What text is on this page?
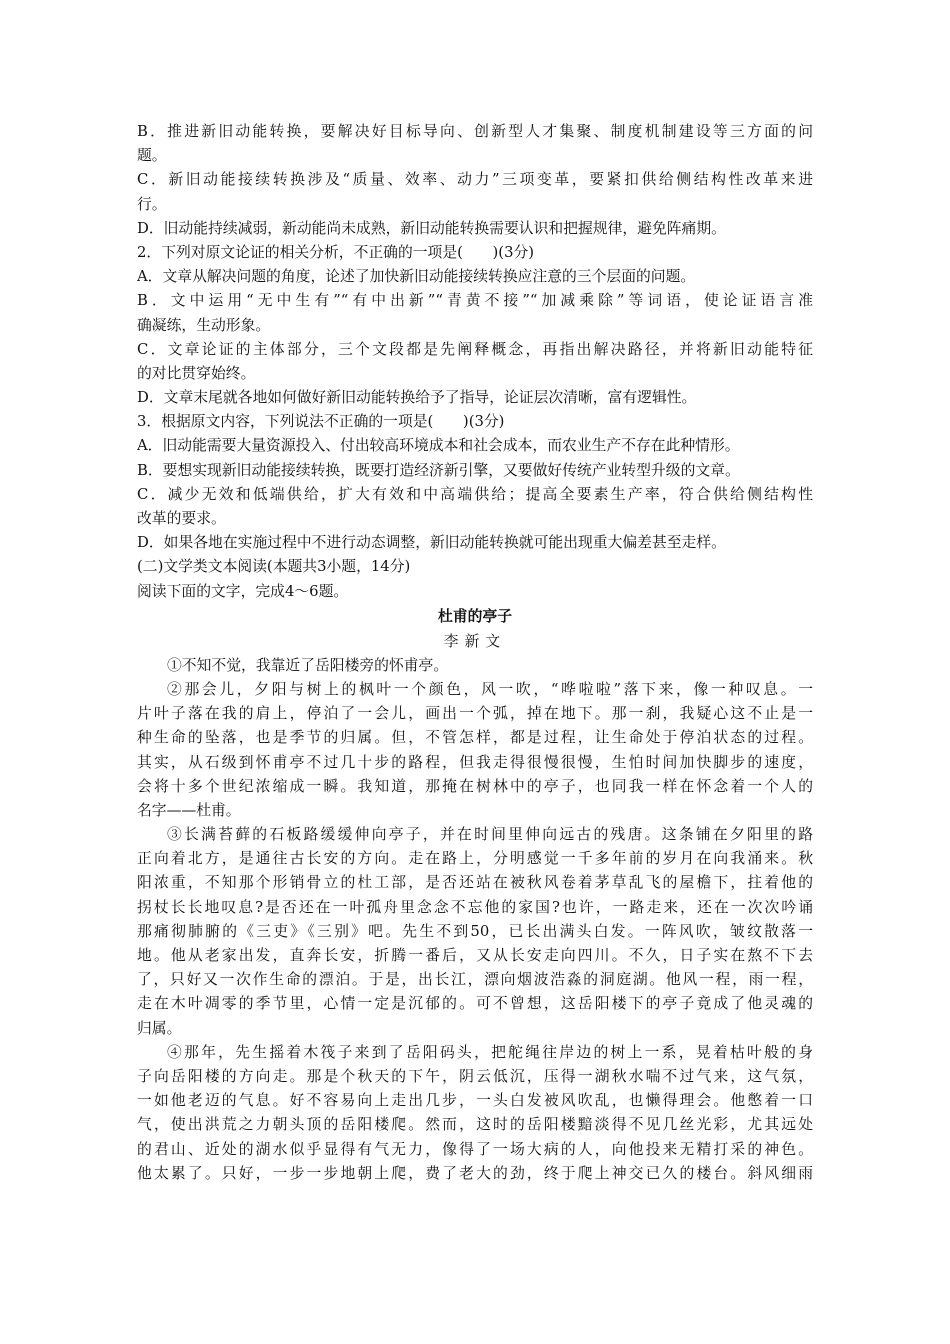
B．推进新旧动能转换，要解决好目标导向、创新型人才集聚、制度机制建设等三方面的问
题。
C．新旧动能接续转换涉及“质量、效率、动力”三项变革，要紧扣供给侧结构性改革来进
行。
D．旧动能持续减弱，新动能尚未成熟，新旧动能转换需要认识和把握规律，避免阵痛期。
2．下列对原文论证的相关分析，不正确的一项是(　　)(3分)
A．文章从解决问题的角度，论述了加快新旧动能接续转换应注意的三个层面的问题。
B．文中运用“无中生有”“有中出新”“青黄不接”“加减乘除”等词语，使论证语言准
确凝练，生动形象。
C．文章论证的主体部分，三个文段都是先阐释概念，再指出解决路径，并将新旧动能特征
的对比贯穿始终。
D．文章末尾就各地如何做好新旧动能转换给予了指导，论证层次清晰，富有逻辑性。
3．根据原文内容，下列说法不正确的一项是(　　)(3分)
A．旧动能需要大量资源投入、付出较高环境成本和社会成本，而农业生产不存在此种情形。
B．要想实现新旧动能接续转换，既要打造经济新引擎，又要做好传统产业转型升级的文章。
C．减少无效和低端供给，扩大有效和中高端供给；提高全要素生产率，符合供给侧结构性
改革的要求。
D．如果各地在实施过程中不进行动态调整，新旧动能转换就可能出现重大偏差甚至走样。
(二)文学类文本阅读(本题共3小题，14分)
阅读下面的文字，完成4～6题。
杜甫的亭子
李新文
①不知不觉，我靠近了岳阳楼旁的怀甫亭。
②那会儿，夕阳与树上的枫叶一个颜色，风一吹，“哗啦啦”落下来，像一种叹息。一
片叶子落在我的肩上，停泊了一会儿，画出一个弧，掉在地下。那一刹，我疑心这不止是一
种生命的坠落，也是季节的归属。但，不管怎样，都是过程，让生命处于停泊状态的过程。
其实，从石级到怀甫亭不过几十步的路程，但我走得很慢很慢，生怕时间加快脚步的速度，
会将十多个世纪浓缩成一瞬。我知道，那掩在树林中的亭子，也同我一样在怀念着一个人的
名字——杜甫。
③长满苔藓的石板路缓缓伸向亭子，并在时间里伸向远古的残唐。这条铺在夕阳里的路
正向着北方，是通往古长安的方向。走在路上，分明感觉一千多年前的岁月在向我涌来。秋
阳浓重，不知那个形销骨立的杜工部，是否还站在被秋风卷着茅草乱飞的屋檐下，拄着他的
拐杖长长地叹息?是否还在一叶孤舟里念念不忘他的家国?也许，一路走来，还在一次次吟诵
那痛彻肺腑的《三吏》《三别》吧。先生不到50，已长出满头白发。一阵风吹，皱纹散落一
地。他从老家出发，直奔长安，折腾一番后，又从长安走向四川。不久，日子实在熬不下去
了，只好又一次作生命的漂泊。于是，出长江，漂向烟波浩淼的洞庭湖。他风一程，雨一程，
走在木叶凋零的季节里，心情一定是沉郁的。可不曾想，这岳阳楼下的亭子竟成了他灵魂的
归属。
④那年，先生摇着木筏子来到了岳阳码头，把舵绳往岸边的树上一系，晃着枯叶般的身
子向岳阳楼的方向走。那是个秋天的下午，阴云低沉，压得一湖秋水喘不过气来，这气氛，
一如他老迈的气息。好不容易向上走出几步，一头白发被风吹乱，也懒得理会。他憋着一口
气，使出洪荒之力朝头顶的岳阳楼爬。然而，这时的岳阳楼黯淡得不见几丝光彩，尤其远处
的君山、近处的湖水似乎显得有气无力，像得了一场大病的人，向他投来无精打采的神色。
他太累了。只好，一步一步地朝上爬，费了老大的劲，终于爬上神交已久的楼台。斜风细雨
